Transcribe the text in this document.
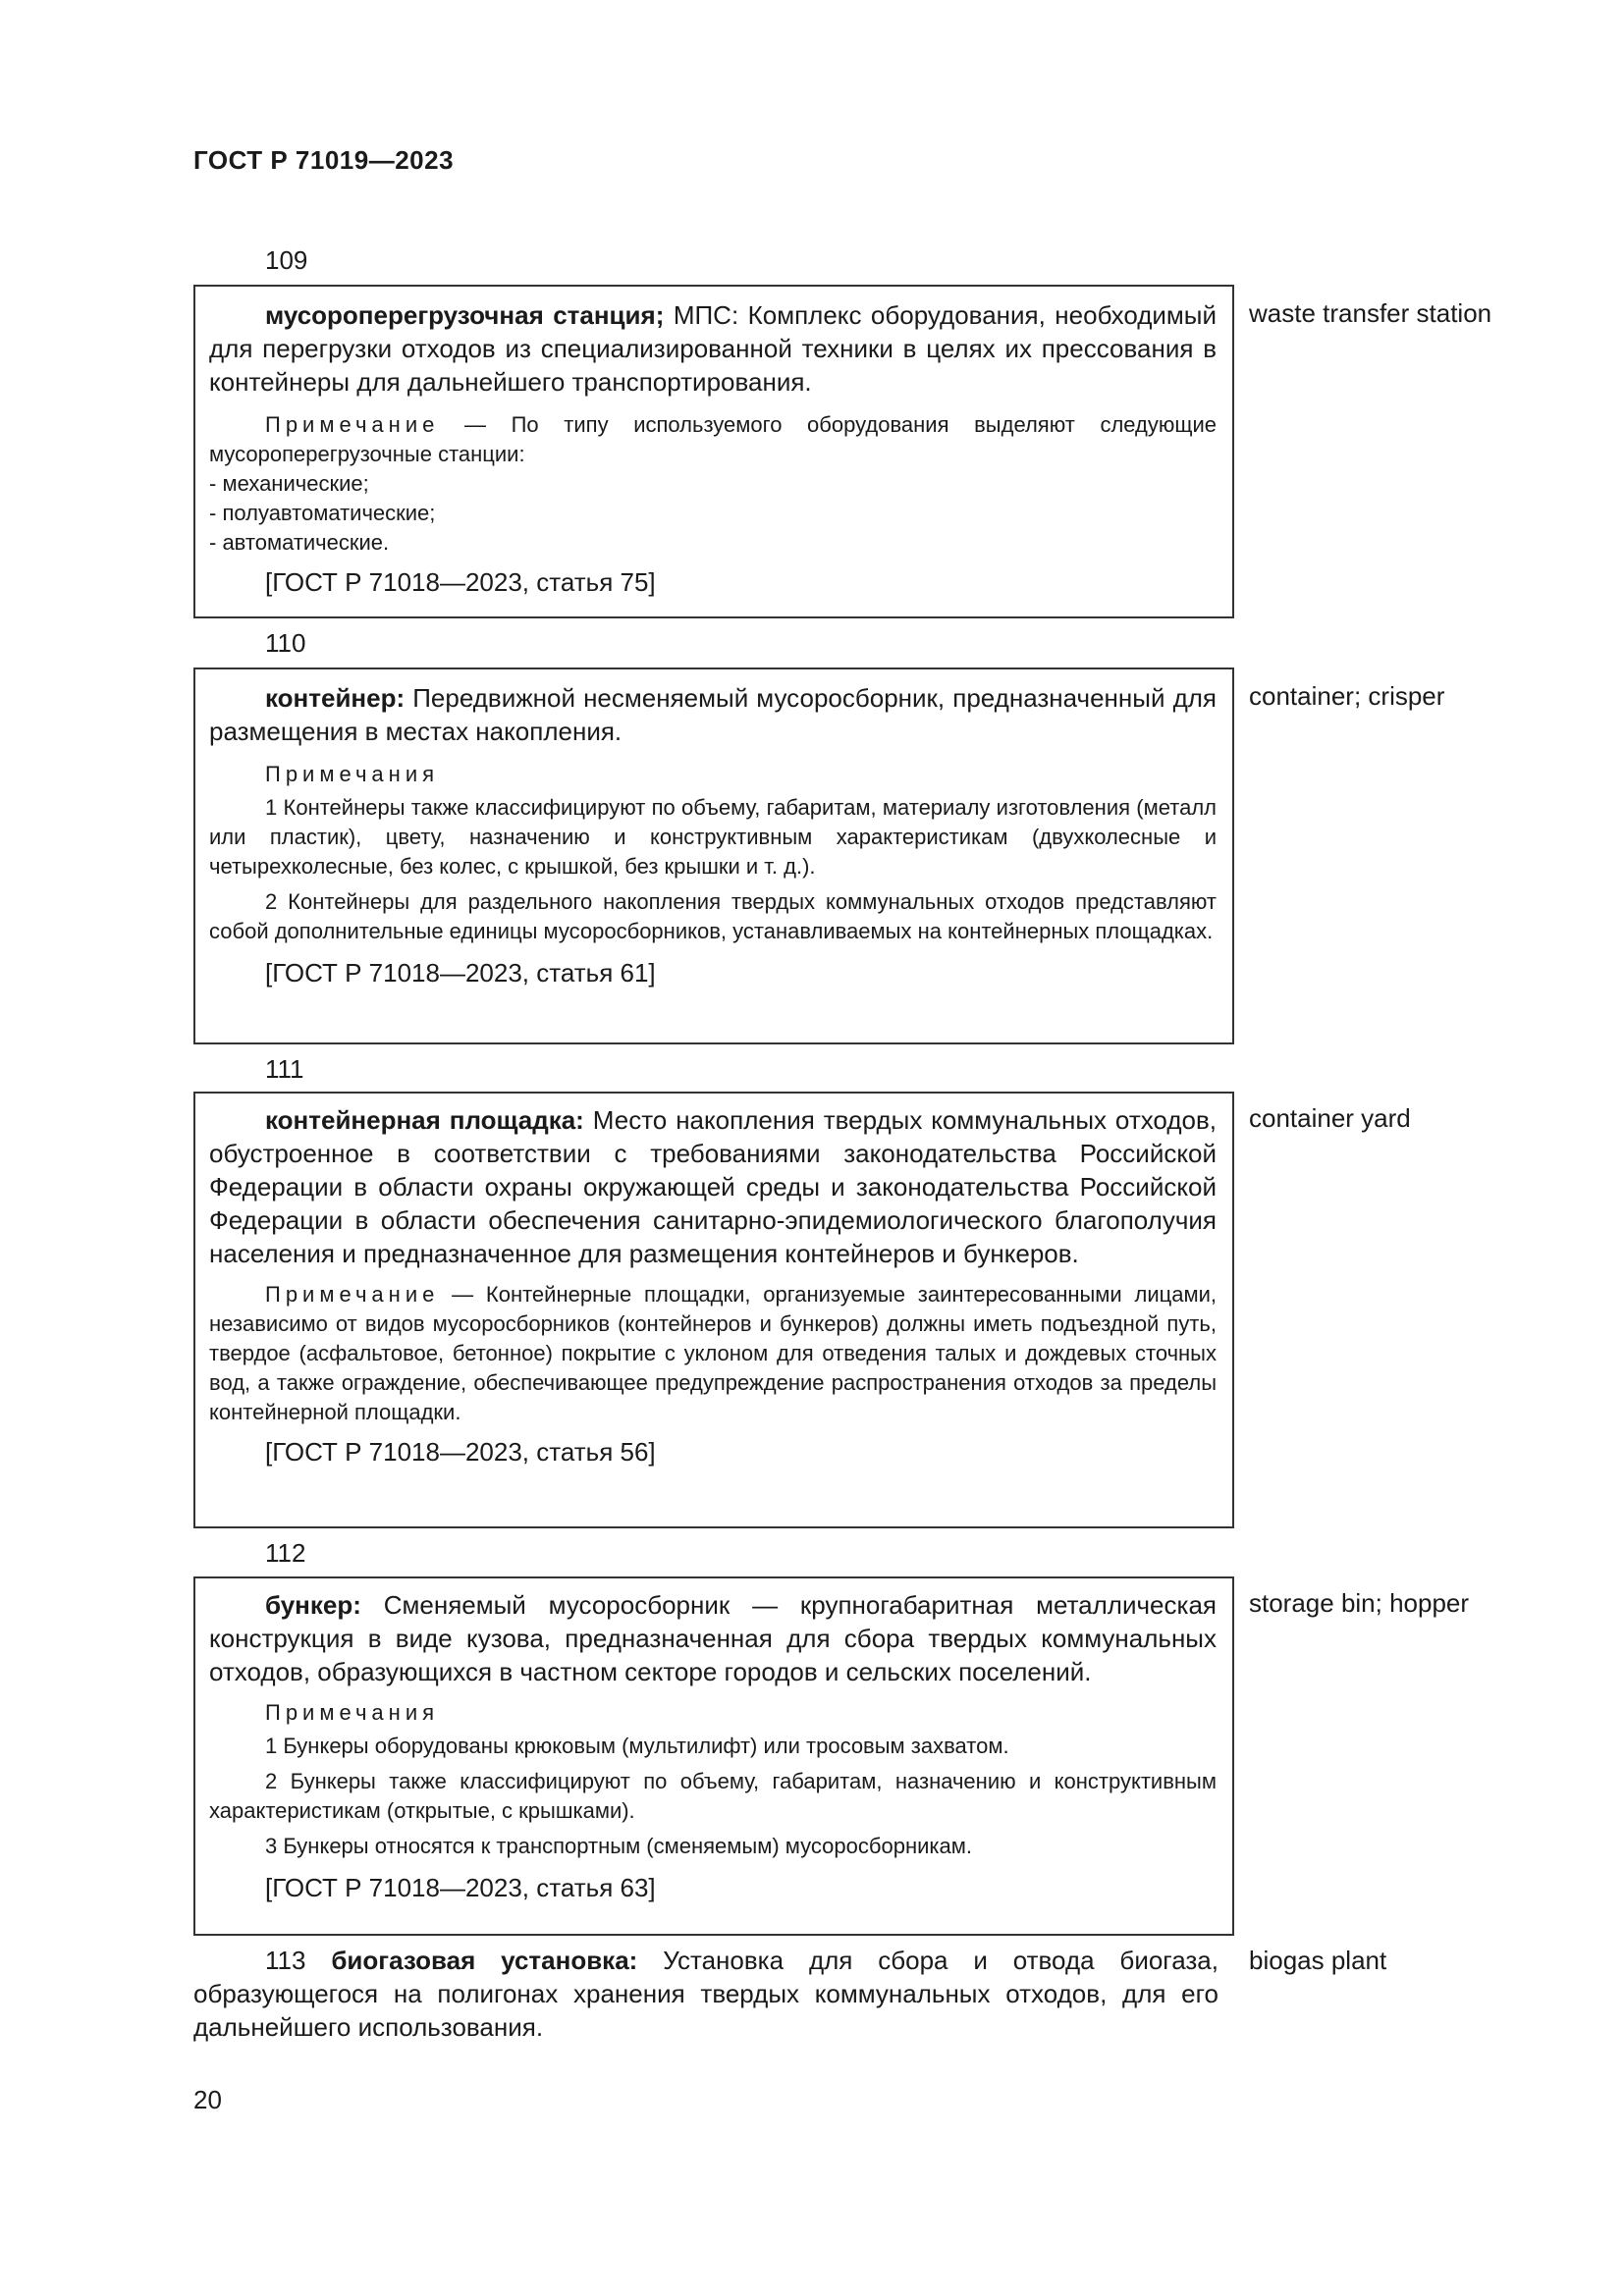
ГОСТ Р 71019—2023
109

мусороперегрузочная станция; МПС: Комплекс оборудования, необходимый для перегрузки отходов из специализированной техники в целях их прессования в контейнеры для дальнейшего транспортирования.

Примечание — По типу используемого оборудования выделяют следующие мусороперегрузочные станции:

- механические;

- полуавтоматические;

- автоматические.

[ГОСТ Р 71018—2023, статья 75]

waste transfer station
110

контейнер: Передвижной несменяемый мусоросборник, предназначенный для размещения в местах накопления.

Примечания

1 Контейнеры также классифицируют по объему, габаритам, материалу изготовления (металл или пластик), цвету, назначению и конструктивным характеристикам (двухколесные и четырехколесные, без колес, с крышкой, без крышки и т. д.).

2 Контейнеры для раздельного накопления твердых коммунальных отходов представляют собой дополнительные единицы мусоросборников, устанавливаемых на контейнерных площадках.

[ГОСТ Р 71018—2023, статья 61]

container; crisper
111

контейнерная площадка: Место накопления твердых коммунальных отходов, обустроенное в соответствии с требованиями законодательства Российской Федерации в области охраны окружающей среды и законодательства Российской Федерации в области обеспечения санитарно-эпидемиологического благополучия населения и предназначенное для размещения контейнеров и бункеров.

Примечание — Контейнерные площадки, организуемые заинтересованными лицами, независимо от видов мусоросборников (контейнеров и бункеров) должны иметь подъездной путь, твердое (асфальтовое, бетонное) покрытие с уклоном для отведения талых и дождевых сточных вод, а также ограждение, обеспечивающее предупреждение распространения отходов за пределы контейнерной площадки.

[ГОСТ Р 71018—2023, статья 56]

container yard
112

бункер: Сменяемый мусоросборник — крупногабаритная металлическая конструкция в виде кузова, предназначенная для сбора твердых коммунальных отходов, образующихся в частном секторе городов и сельских поселений.

Примечания

1 Бункеры оборудованы крюковым (мультилифт) или тросовым захватом.

2 Бункеры также классифицируют по объему, габаритам, назначению и конструктивным характеристикам (открытые, с крышками).

3 Бункеры относятся к транспортным (сменяемым) мусоросборникам.

[ГОСТ Р 71018—2023, статья 63]

storage bin; hopper
113 биогазовая установка: Установка для сбора и отвода биогаза, образующегося на полигонах хранения твердых коммунальных отходов, для его дальнейшего использования.
biogas plant
20
